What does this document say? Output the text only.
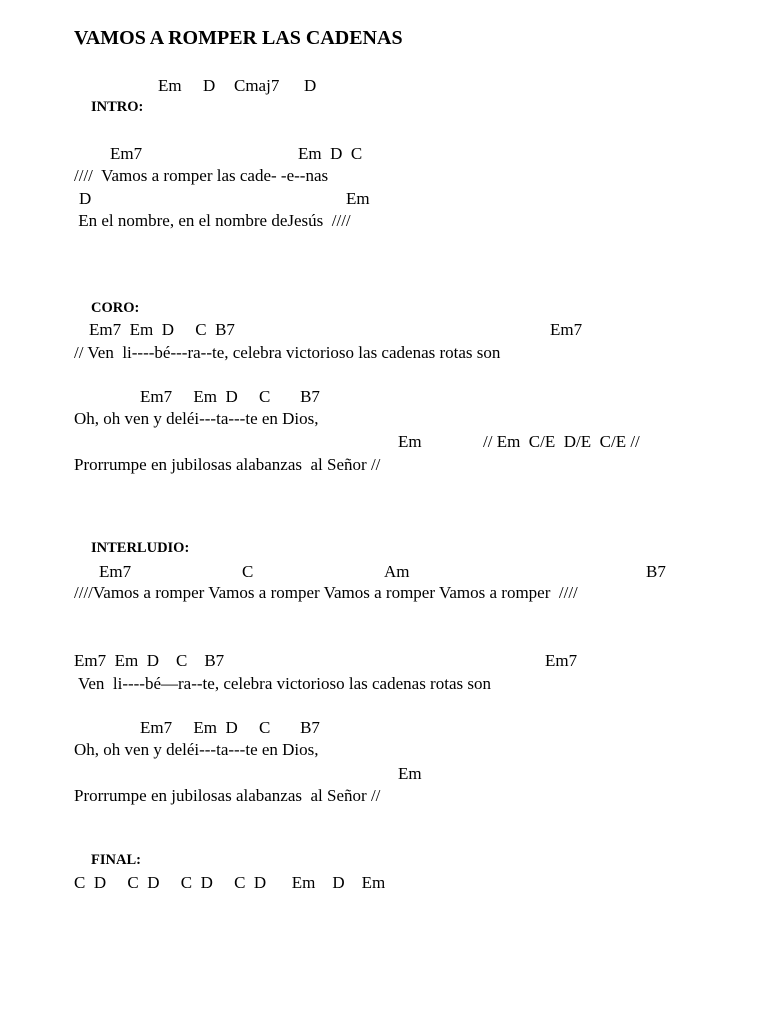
VAMOS A ROMPER LAS CADENAS

INTRO:

Em D Cmaj7 D
Em7	Em  D  C
////  Vamos a romper las cade- -e--nas
D	Em
En el nombre, en el nombre deJesús  ////

CORO:

Em7  Em  D     C  B7	Em7
// Ven  li----bé---ra--te, celebra victorioso las cadenas rotas son
Em7     Em  D     C       B7
Oh, oh ven y deléi---ta---te en Dios,
Em	// Em  C/E  D/E  C/E //
Prorrumpe en jubilosas alabanzas  al Señor //

INTERLUDIO:

Em7	C	Am	B7
////Vamos a romper Vamos a romper Vamos a romper Vamos a romper  ////
Em7  Em  D    C    B7	Em7
Ven  li----bé—ra--te, celebra victorioso las cadenas rotas son
Em7     Em  D     C       B7
Oh, oh ven y deléi---ta---te en Dios,
Em
Prorrumpe en jubilosas alabanzas  al Señor //

FINAL:

C  D     C  D     C  D     C  D      Em    D    Em
